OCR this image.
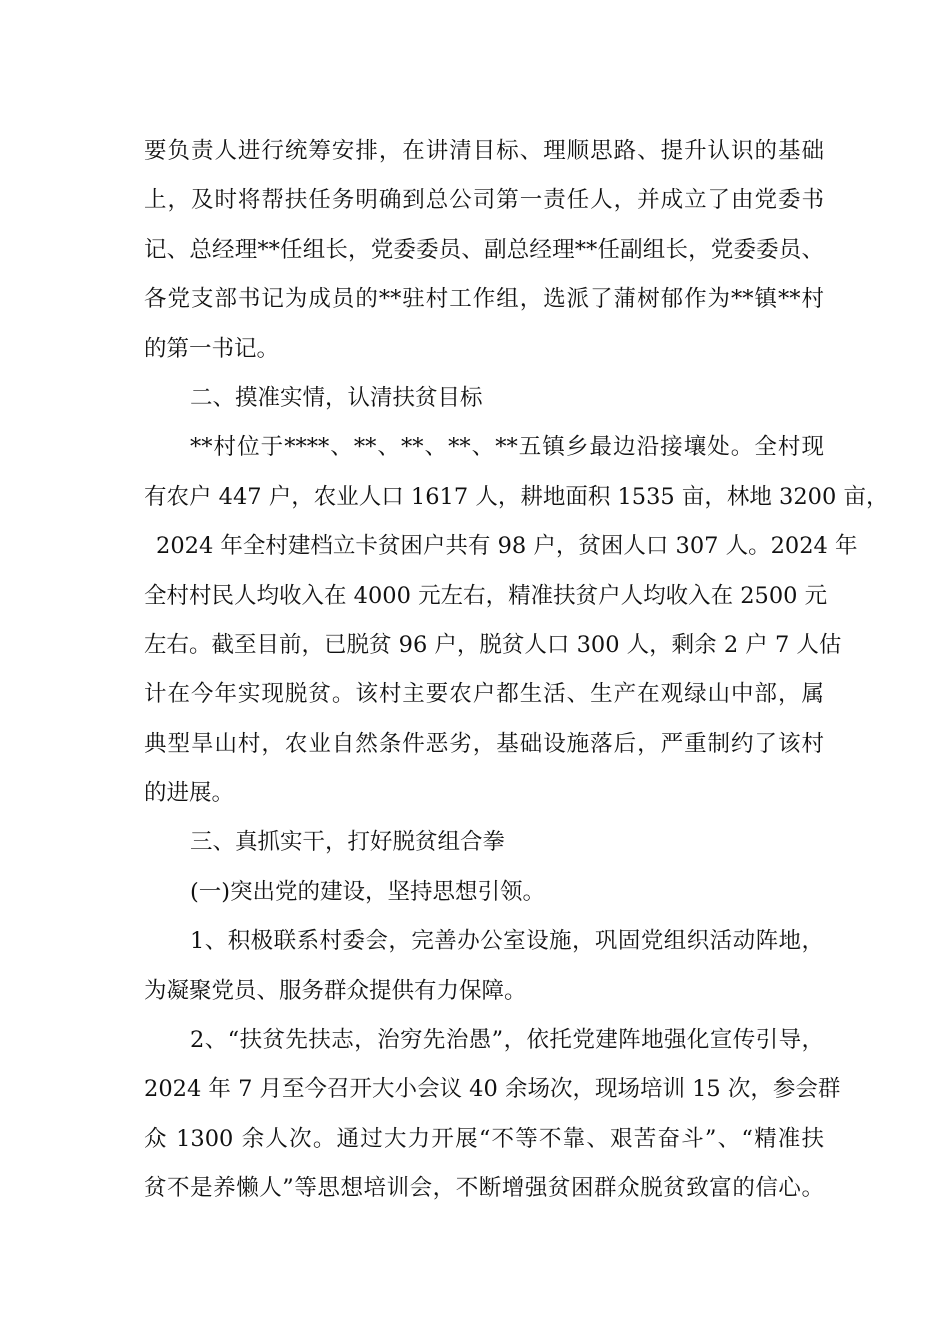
要负责人进行统筹安排，在讲清目标、理顺思路、提升认识的基础
上，及时将帮扶任务明确到总公司第一责任人，并成立了由党委书
记、总经理**任组长，党委委员、副总经理**任副组长，党委委员、
各党支部书记为成员的**驻村工作组，选派了蒲树郁作为**镇**村
的第一书记。
二、摸准实情，认清扶贫目标
**村位于****、**、**、**、**五镇乡最边沿接壤处。全村现
有农户 447 户，农业人口 1617 人，耕地面积 1535 亩，林地 3200 亩，
2024 年全村建档立卡贫困户共有 98 户，贫困人口 307 人。2024 年
全村村民人均收入在 4000 元左右，精准扶贫户人均收入在 2500 元
左右。截至目前，已脱贫 96 户，脱贫人口 300 人，剩余 2 户 7 人估
计在今年实现脱贫。该村主要农户都生活、生产在观绿山中部，属
典型旱山村，农业自然条件恶劣，基础设施落后，严重制约了该村
的进展。
三、真抓实干，打好脱贫组合拳
(一)突出党的建设，坚持思想引领。
1、积极联系村委会，完善办公室设施，巩固党组织活动阵地，
为凝聚党员、服务群众提供有力保障。
2、“扶贫先扶志，治穷先治愚”，依托党建阵地强化宣传引导，
2024 年 7 月至今召开大小会议 40 余场次，现场培训 15 次，参会群
众 1300 余人次。通过大力开展“不等不靠、艰苦奋斗”、“精准扶
贫不是养懒人”等思想培训会，不断增强贫困群众脱贫致富的信心。
